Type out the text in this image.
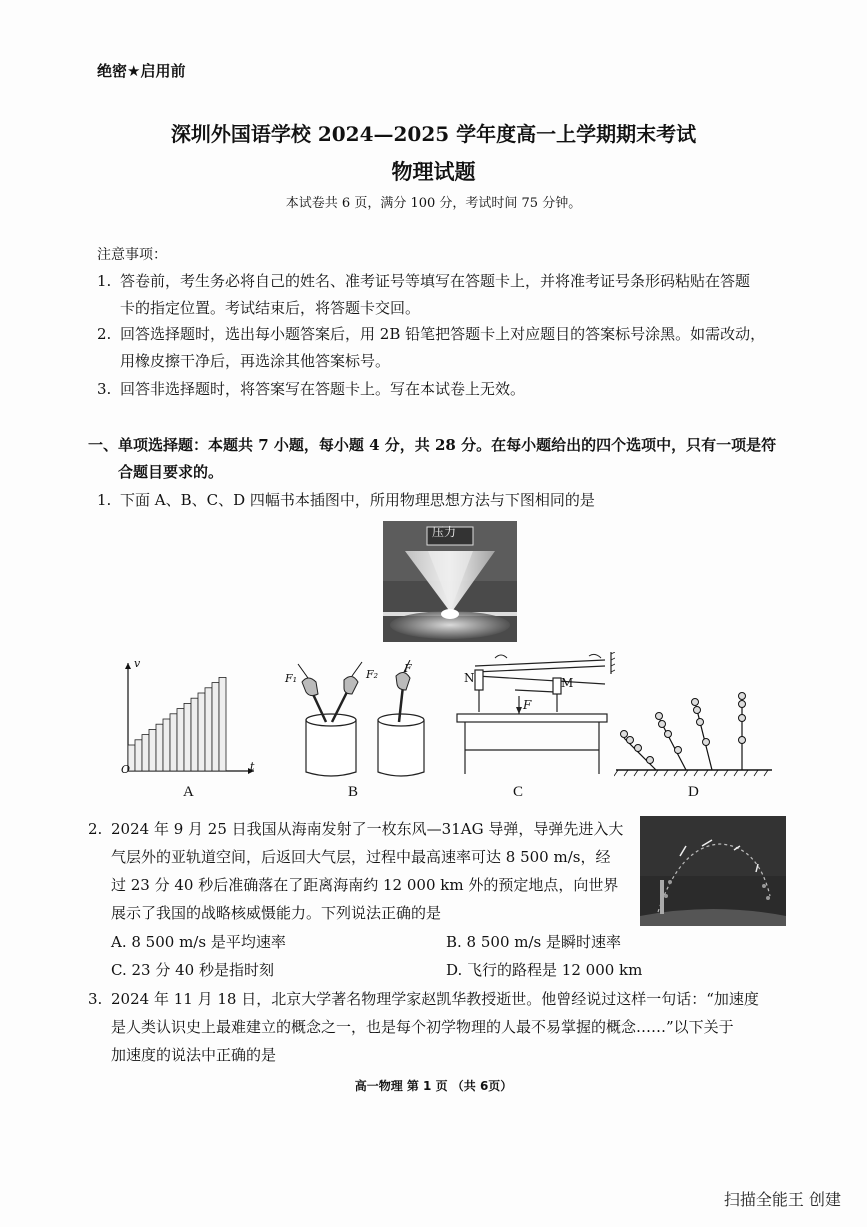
绝密★启用前
深圳外国语学校 2024—2025 学年度高一上学期期末考试
物理试题
本试卷共 6 页，满分 100 分，考试时间 75 分钟。
注意事项：
1. 答卷前，考生务必将自己的姓名、准考证号等填写在答题卡上，并将准考证号条形码粘贴在答题
卡的指定位置。考试结束后，将答题卡交回。
2. 回答选择题时，选出每小题答案后，用 2B 铅笔把答题卡上对应题目的答案标号涂黑。如需改动，
用橡皮擦干净后，再选涂其他答案标号。
3. 回答非选择题时，将答案写在答题卡上。写在本试卷上无效。
一、单项选择题：本题共 7 小题，每小题 4 分，共 28 分。在每小题给出的四个选项中，只有一项是符
合题目要求的。
1. 下面 A、B、C、D 四幅书本插图中，所用物理思想方法与下图相同的是
压力
v
t
O
F₁	F₂ F
N	M
F
A	B	C	D
2. 2024 年 9 月 25 日我国从海南发射了一枚东风—31AG 导弹，导弹先进入大
气层外的亚轨道空间，后返回大气层，过程中最高速率可达 8 500 m/s，经
过 23 分 40 秒后准确落在了距离海南约 12 000 km 外的预定地点，向世界
展示了我国的战略核威慑能力。下列说法正确的是
A. 8 500 m/s 是平均速率	B. 8 500 m/s 是瞬时速率
C. 23 分 40 秒是指时刻	D. 飞行的路程是 12 000 km
3. 2024 年 11 月 18 日，北京大学著名物理学家赵凯华教授逝世。他曾经说过这样一句话：“加速度
是人类认识史上最难建立的概念之一，也是每个初学物理的人最不易掌握的概念……”以下关于
加速度的说法中正确的是
高一物理 第 1 页 （共 6页）
扫描全能王 创建
